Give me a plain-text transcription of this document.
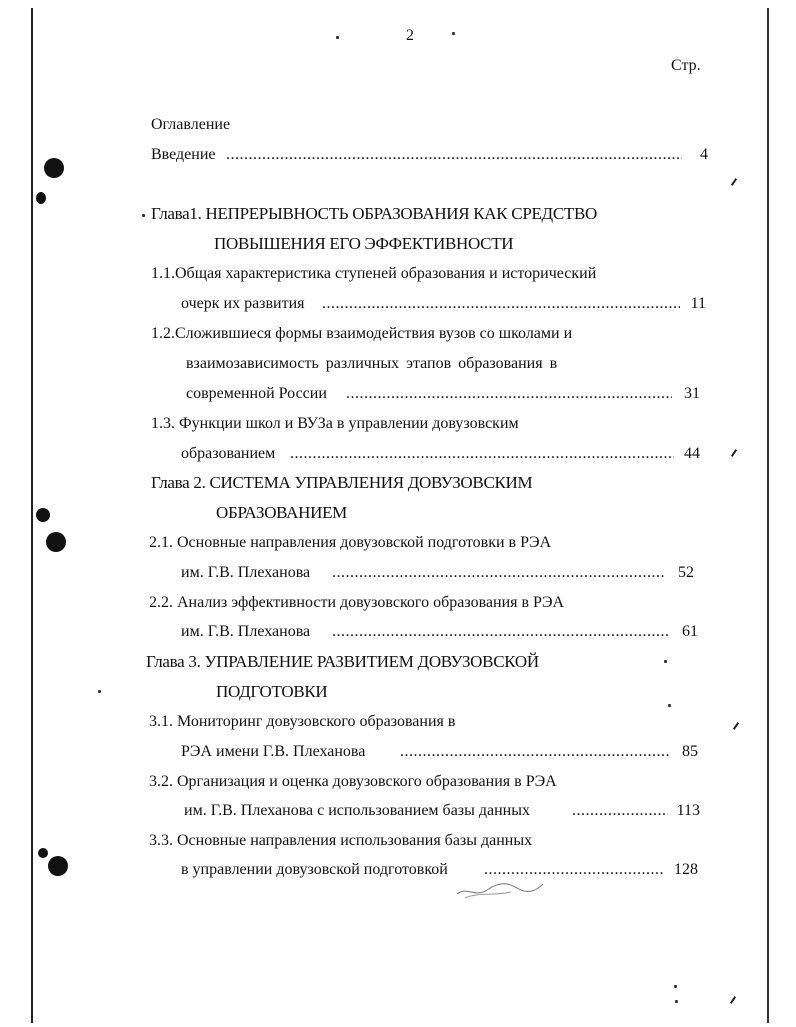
2
Стр.
Оглавление
Введение .....	4
Глава1. НЕПРЕРЫВНОСТЬ ОБРАЗОВАНИЯ КАК СРЕДСТВО
ПОВЫШЕНИЯ ЕГО ЭФФЕКТИВНОСТИ
1.1.Общая характеристика ступеней образования и исторический
очерк их развития .....	11
1.2.Сложившиеся формы взаимодействия вузов со школами и
взаимозависимость различных этапов образования в
современной России .....	31
1.3. Функции школ и ВУЗа в управлении довузовским
образованием .....	44
Глава 2. СИСТЕМА УПРАВЛЕНИЯ ДОВУЗОВСКИМ
ОБРАЗОВАНИЕМ
2.1. Основные направления довузовской подготовки в РЭА
им. Г.В. Плеханова .....	52
2.2. Анализ эффективности довузовского образования в РЭА
им. Г.В. Плеханова .....	61
Глава 3. УПРАВЛЕНИЕ РАЗВИТИЕМ ДОВУЗОВСКОЙ
ПОДГОТОВКИ
3.1. Мониторинг довузовского образования в
РЭА имени Г.В. Плеханова .....	85
3.2. Организация и оценка довузовского образования в РЭА
им. Г.В. Плеханова с использованием базы данных .....	113
3.3. Основные направления использования базы данных
в управлении довузовской подготовкой .....	128
